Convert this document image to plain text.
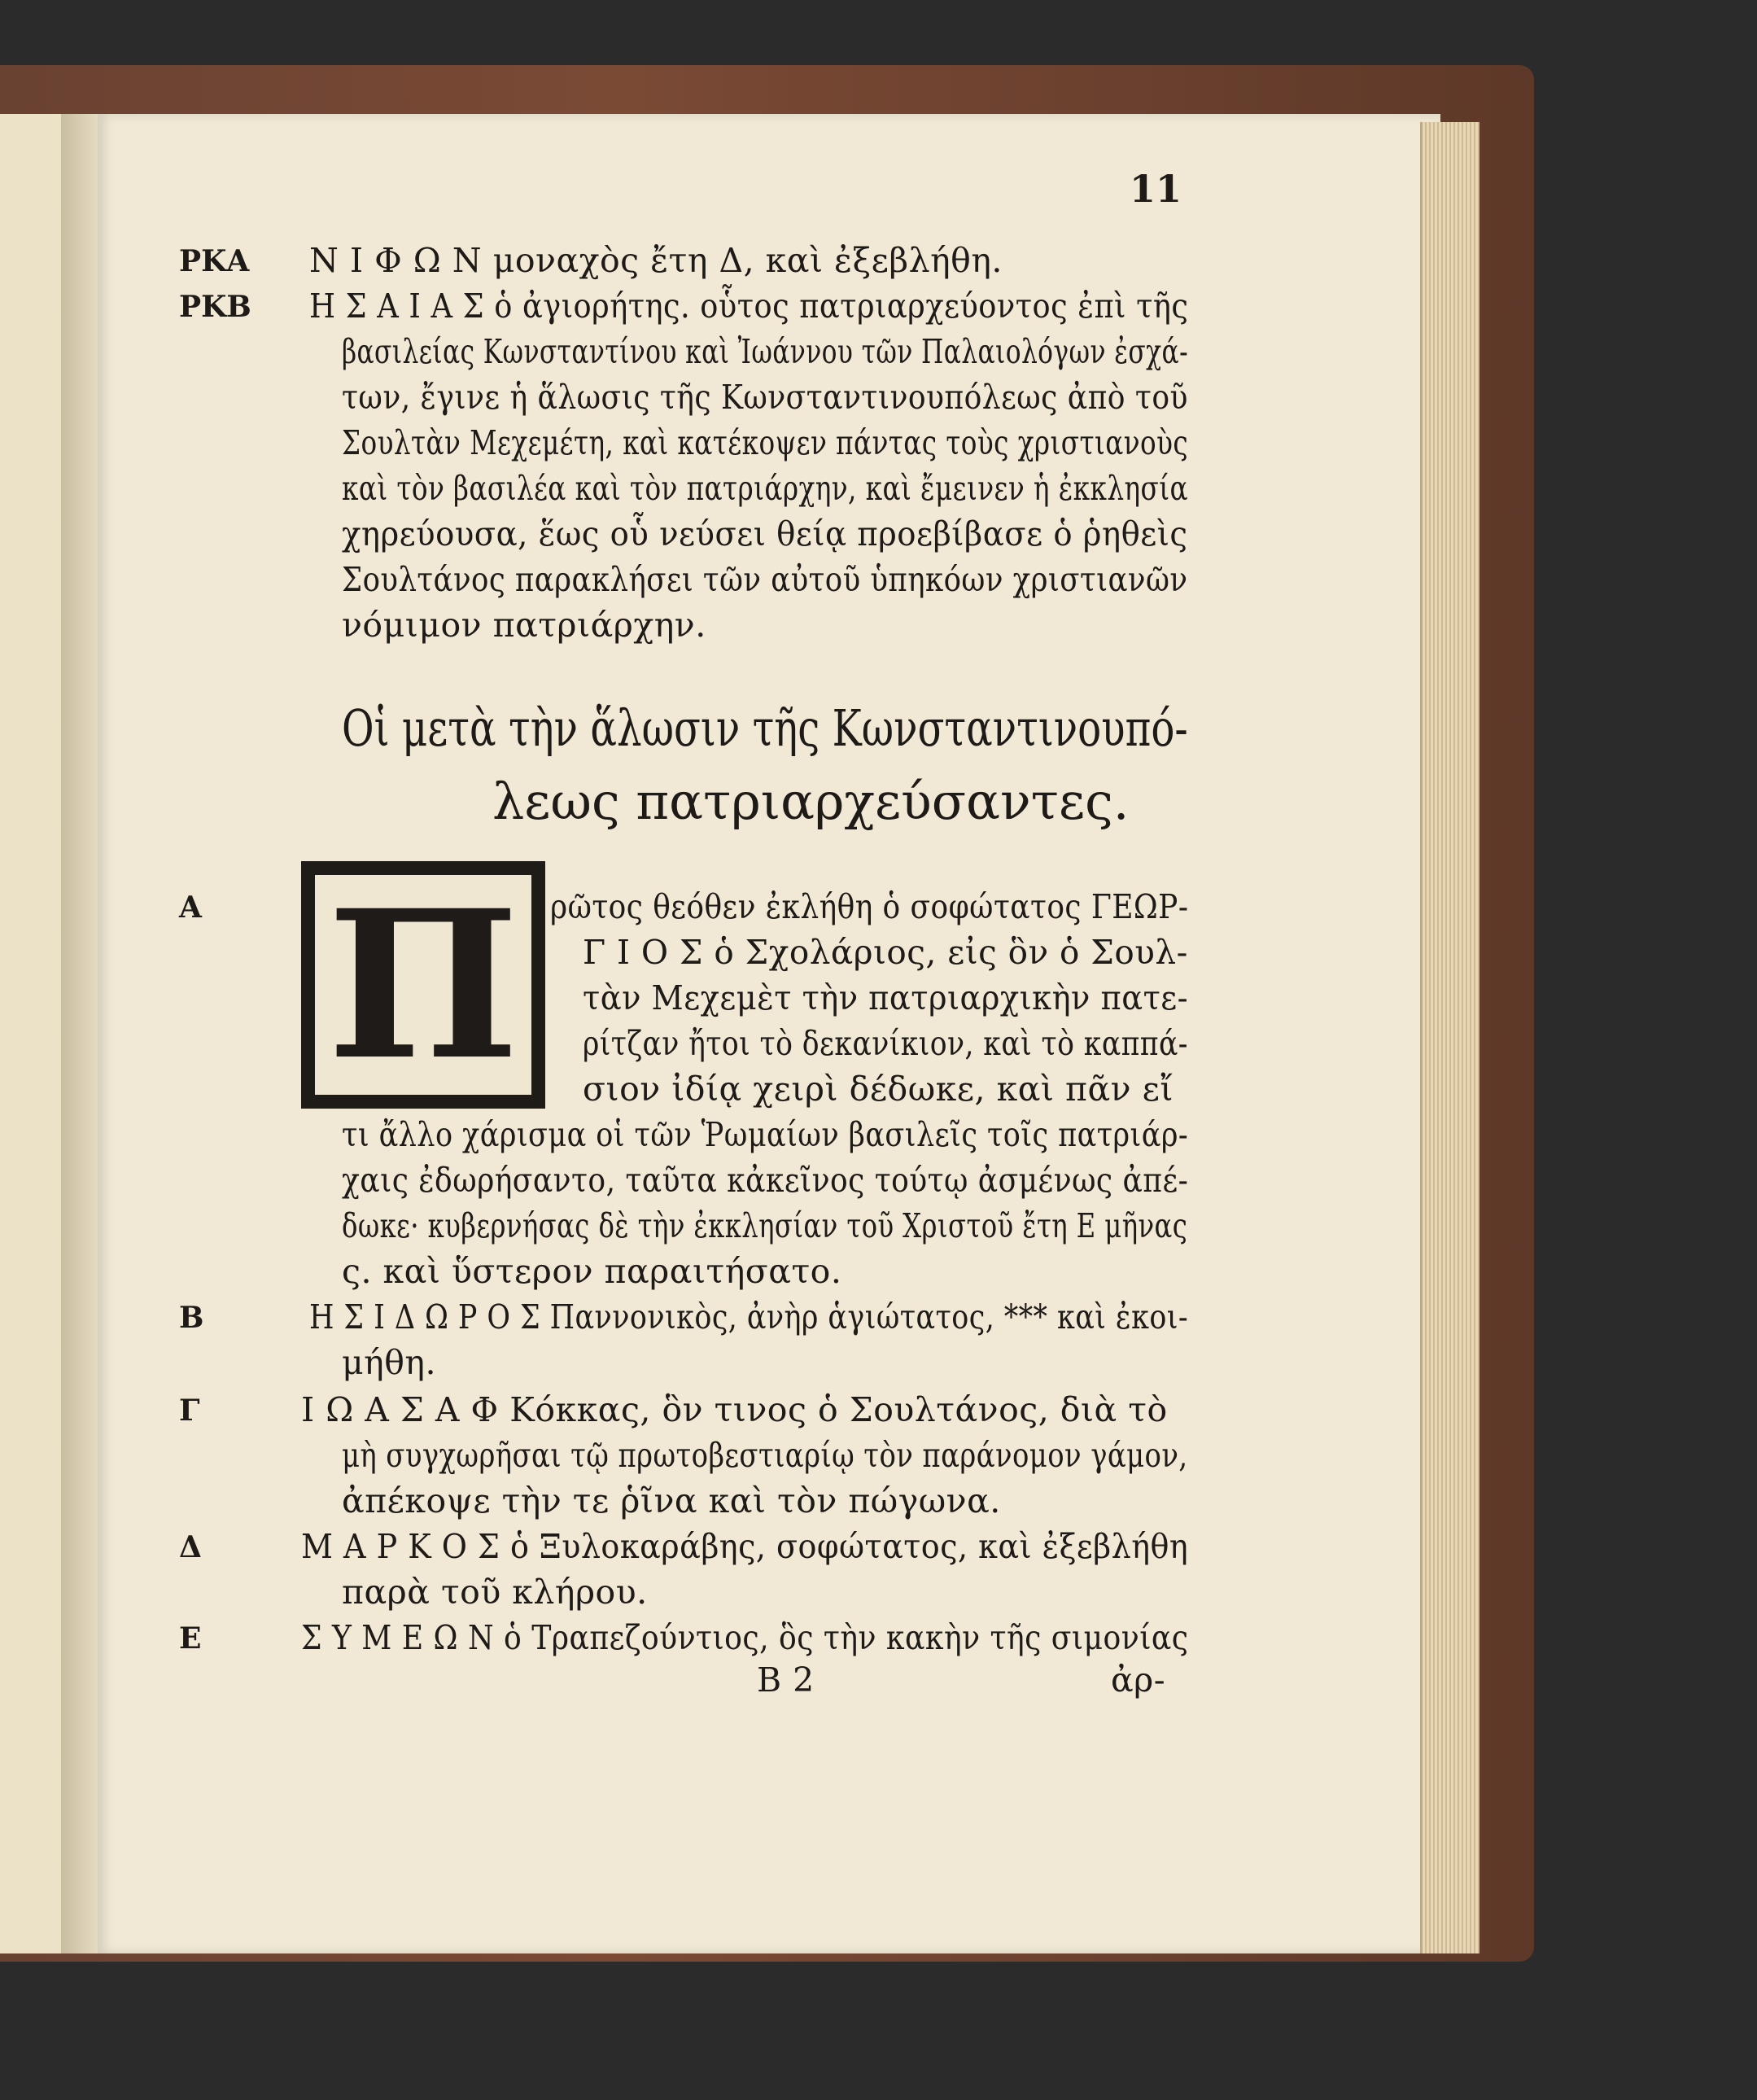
11
ΡΚΑ Ν Ι Φ Ω Ν μοναχὸς ἔτη Δ, καὶ ἐξεβλήθη.
ΡΚΒ Η Σ Α Ι Α Σ ὁ ἀγιορήτης. οὗτος πατριαρχεύοντος ἐπὶ τῆς
βασιλείας Κωνσταντίνου καὶ Ἰωάννου τῶν Παλαιολόγων ἐσχά-
των, ἔγινε ἡ ἅλωσις τῆς Κωνσταντινουπόλεως ἀπὸ τοῦ
Σουλτὰν Μεχεμέτη, καὶ κατέκοψεν πάντας τοὺς χριστιανοὺς
καὶ τὸν βασιλέα καὶ τὸν πατριάρχην, καὶ ἔμεινεν ἡ ἐκκλησία
χηρεύουσα, ἕως οὗ νεύσει θείᾳ προεβίβασε ὁ ῥηθεὶς
Σουλτάνος παρακλήσει τῶν αὐτοῦ ὑπηκόων χριστιανῶν
νόμιμον πατριάρχην.
Οἱ μετὰ τὴν ἅλωσιν τῆς Κωνσταντινουπό-
λεως πατριαρχεύσαντες.
Π
Α	ρῶτος θεόθεν ἐκλήθη ὁ σοφώτατος ΓΕΩΡ-
Γ Ι Ο Σ ὁ Σχολάριος, εἰς ὃν ὁ Σουλ-
τὰν Μεχεμὲτ τὴν πατριαρχικὴν πατε-
ρίτζαν ἤτοι τὸ δεκανίκιον, καὶ τὸ καππά-
σιον ἰδίᾳ χειρὶ δέδωκε, καὶ πᾶν εἴ
τι ἄλλο χάρισμα οἱ τῶν Ῥωμαίων βασιλεῖς τοῖς πατριάρ-
χαις ἐδωρήσαντο, ταῦτα κἀκεῖνος τούτῳ ἀσμένως ἀπέ-
δωκε· κυβερνήσας δὲ τὴν ἐκκλησίαν τοῦ Χριστοῦ ἔτη Ε μῆνας
ς. καὶ ὕστερον παραιτήσατο.
Β	Η Σ Ι Δ Ω Ρ Ο Σ Παννονικὸς, ἀνὴρ ἁγιώτατος, *** καὶ ἐκοι-
μήθη.
Γ	Ι Ω Α Σ Α Φ Κόκκας, ὃν τινος ὁ Σουλτάνος, διὰ τὸ
μὴ συγχωρῆσαι τῷ πρωτοβεστιαρίῳ τὸν παράνομον γάμον,
ἀπέκοψε τὴν τε ῥῖνα καὶ τὸν πώγωνα.
Δ	Μ Α Ρ Κ Ο Σ ὁ Ξυλοκαράβης, σοφώτατος, καὶ ἐξεβλήθη
παρὰ τοῦ κλήρου.
Ε	Σ Υ Μ Ε Ω Ν ὁ Τραπεζούντιος, ὃς τὴν κακὴν τῆς σιμονίας
B 2	ἀρ-
